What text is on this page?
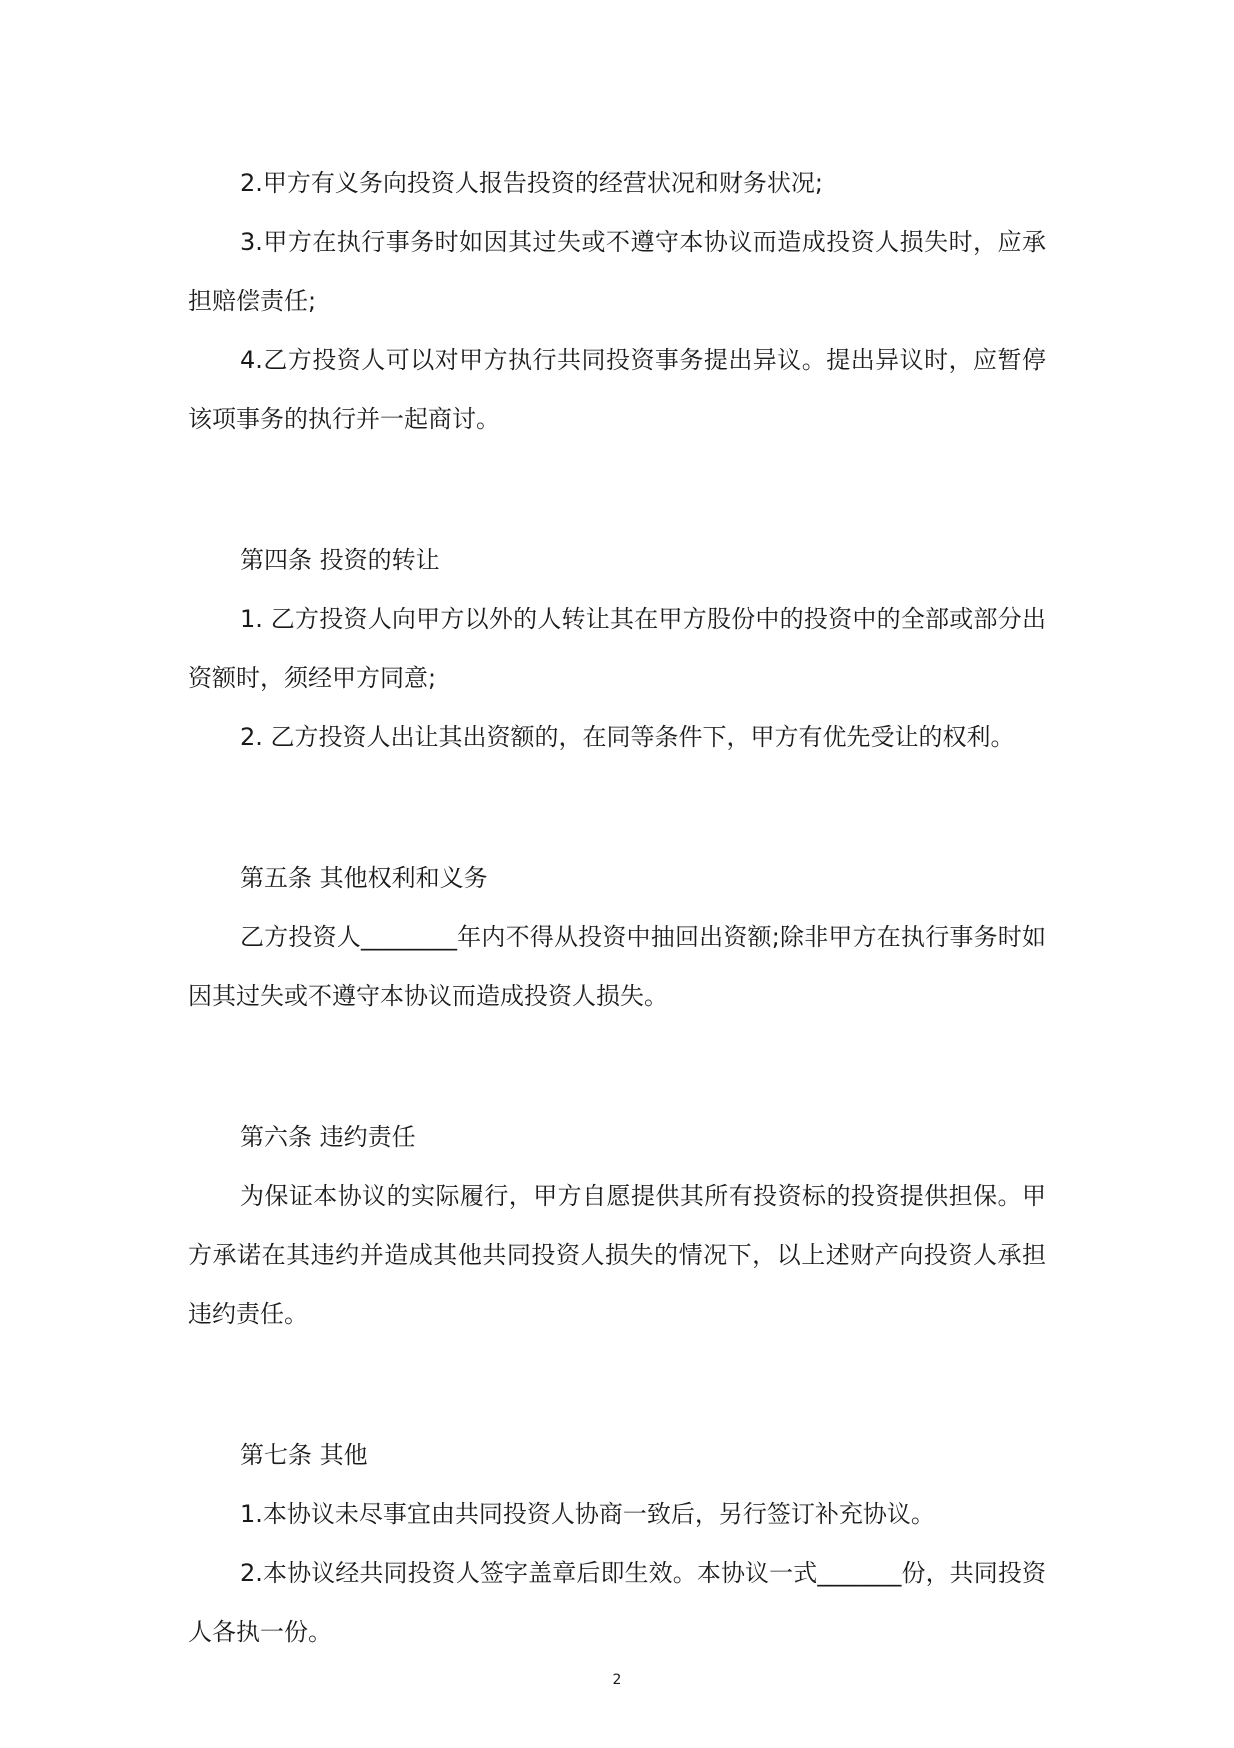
2.甲方有义务向投资人报告投资的经营状况和财务状况;

3.甲方在执行事务时如因其过失或不遵守本协议而造成投资人损失时，应承担赔偿责任;

4.乙方投资人可以对甲方执行共同投资事务提出异议。提出异议时，应暂停该项事务的执行并一起商讨。

第四条 投资的转让

1. 乙方投资人向甲方以外的人转让其在甲方股份中的投资中的全部或部分出资额时，须经甲方同意;

2. 乙方投资人出让其出资额的，在同等条件下，甲方有优先受让的权利。

第五条 其他权利和义务

乙方投资人________年内不得从投资中抽回出资额;除非甲方在执行事务时如因其过失或不遵守本协议而造成投资人损失。

第六条 违约责任

为保证本协议的实际履行，甲方自愿提供其所有投资标的投资提供担保。甲方承诺在其违约并造成其他共同投资人损失的情况下，以上述财产向投资人承担违约责任。

第七条 其他

1.本协议未尽事宜由共同投资人协商一致后，另行签订补充协议。

2.本协议经共同投资人签字盖章后即生效。本协议一式_______份，共同投资人各执一份。

2
